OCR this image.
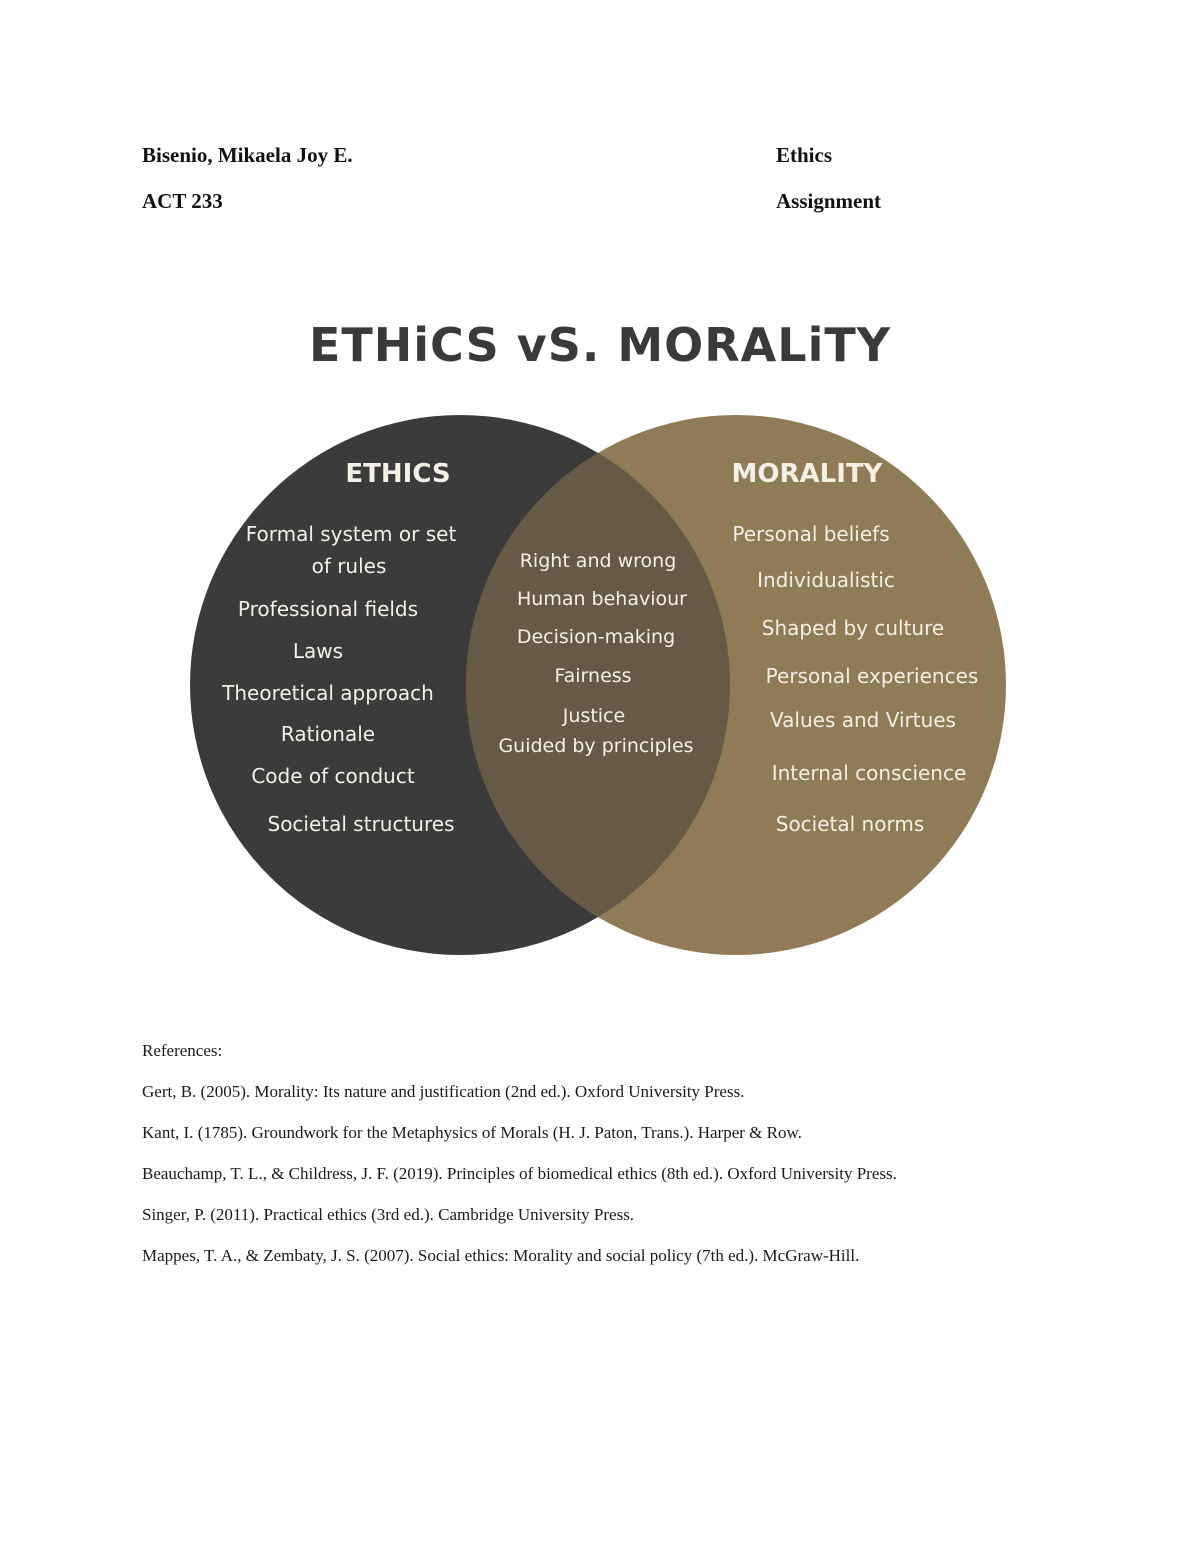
Bisenio, Mikaela Joy E.
ACT 233
Ethics
Assignment
ETHiCS vS. MORALiTY
ETHICS	MORALITY
Formal system or set
of rules
Professional fields
Laws
Theoretical approach
Rationale
Code of conduct
Societal structures
Right and wrong
Human behaviour
Decision-making
Fairness
Justice
Guided by principles
Personal beliefs
Individualistic
Shaped by culture
Personal experiences
Values and Virtues
Internal conscience
Societal norms
References:
Gert, B. (2005). Morality: Its nature and justification (2nd ed.). Oxford University Press.
Kant, I. (1785). Groundwork for the Metaphysics of Morals (H. J. Paton, Trans.). Harper & Row.
Beauchamp, T. L., & Childress, J. F. (2019). Principles of biomedical ethics (8th ed.). Oxford University Press.
Singer, P. (2011). Practical ethics (3rd ed.). Cambridge University Press.
Mappes, T. A., & Zembaty, J. S. (2007). Social ethics: Morality and social policy (7th ed.). McGraw-Hill.
